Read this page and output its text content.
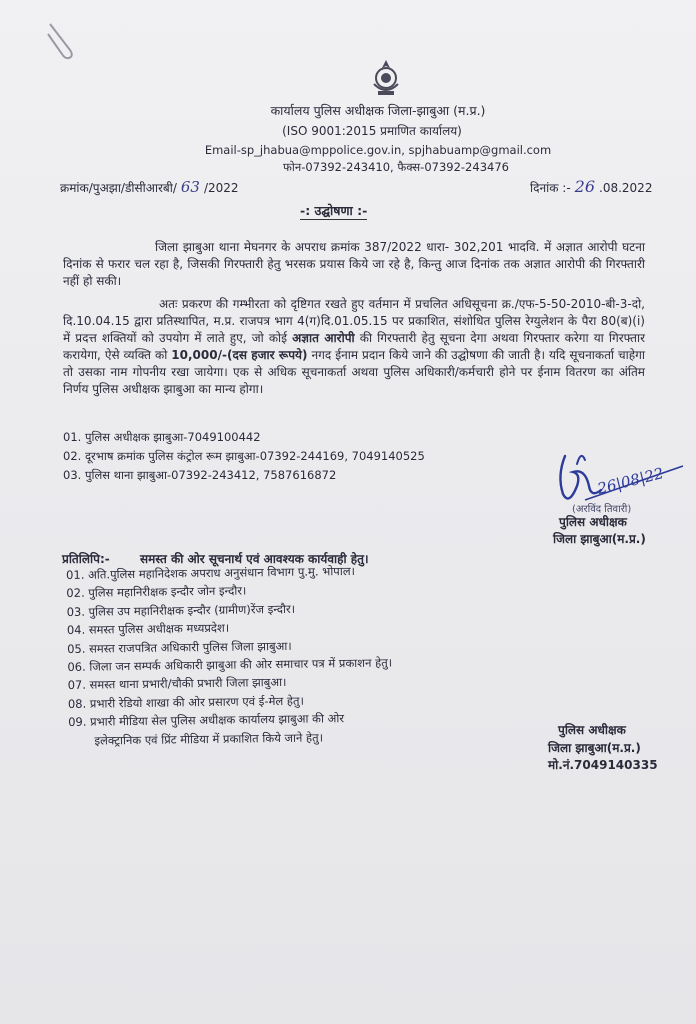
कार्यालय पुलिस अधीक्षक जिला-झाबुआ (म.प्र.)
(ISO 9001:2015 प्रमाणित कार्यालय)
Email-sp_jhabua@mppolice.gov.in, spjhabuamp@gmail.com
फोन-07392-243410, फैक्स-07392-243476
क्रमांक/पुअझा/डीसीआरबी/ 63 /2022	दिनांक :- 26 .08.2022
-: उद्घोषणा :-
जिला झाबुआ थाना मेघनगर के अपराध क्रमांक 387/2022 धारा- 302,201 भादवि. में अज्ञात आरोपी घटना दिनांक से फरार चल रहा है, जिसकी गिरफ्तारी हेतु भरसक प्रयास किये जा रहे है, किन्तु आज दिनांक तक अज्ञात आरोपी की गिरफ्तारी नहीं हो सकी।
अतः प्रकरण की गम्भीरता को दृष्टिगत रखते हुए वर्तमान में प्रचलित अधिसूचना क्र./एफ-5-50-2010-बी-3-दो, दि.10.04.15 द्वारा प्रतिस्थापित, म.प्र. राजपत्र भाग 4(ग)दि.01.05.15 पर प्रकाशित, संशोधित पुलिस रेग्युलेशन के पैरा 80(ब)(i) में प्रदत्त शक्तियों को उपयोग में लाते हुए, जो कोई अज्ञात आरोपी की गिरफ्तारी हेतु सूचना देगा अथवा गिरफ्तार करेगा या गिरफ्तार करायेगा, ऐसे व्यक्ति को 10,000/-(दस हजार रूपये) नगद ईनाम प्रदान किये जाने की उद्घोषणा की जाती है। यदि सूचनाकर्ता चाहेगा तो उसका नाम गोपनीय रखा जायेगा। एक से अधिक सूचनाकर्ता अथवा पुलिस अधिकारी/कर्मचारी होने पर ईनाम वितरण का अंतिम निर्णय पुलिस अधीक्षक झाबुआ का मान्य होगा।
01. पुलिस अधीक्षक झाबुआ-7049100442
02. दूरभाष क्रमांक पुलिस कंट्रोल रूम झाबुआ-07392-244169, 7049140525
03. पुलिस थाना झाबुआ-07392-243412, 7587616872	26|08|22
(अरविंद तिवारी)
पुलिस अधीक्षक
जिला झाबुआ(म.प्र.)
प्रतिलिपि:-	समस्त की ओर सूचनार्थ एवं आवश्यक कार्यवाही हेतु।
01. अति.पुलिस महानिदेशक अपराध अनुसंधान विभाग पु.मु. भोपाल।
02. पुलिस महानिरीक्षक इन्दौर जोन इन्दौर।
03. पुलिस उप महानिरीक्षक इन्दौर (ग्रामीण)रेंज इन्दौर।
04. समस्त पुलिस अधीक्षक मध्यप्रदेश।
05. समस्त राजपत्रित अधिकारी पुलिस जिला झाबुआ।
06. जिला जन सम्पर्क अधिकारी झाबुआ की ओर समाचार पत्र में प्रकाशन हेतु।
07. समस्त थाना प्रभारी/चौकी प्रभारी जिला झाबुआ।
08. प्रभारी रेडियो शाखा की ओर प्रसारण एवं ई-मेल हेतु।
09. प्रभारी मीडिया सेल पुलिस अधीक्षक कार्यालय झाबुआ की ओर
इलेक्ट्रानिक एवं प्रिंट मीडिया में प्रकाशित किये जाने हेतु।
पुलिस अधीक्षक
जिला झाबुआ(म.प्र.)
मो.नं.7049140335
